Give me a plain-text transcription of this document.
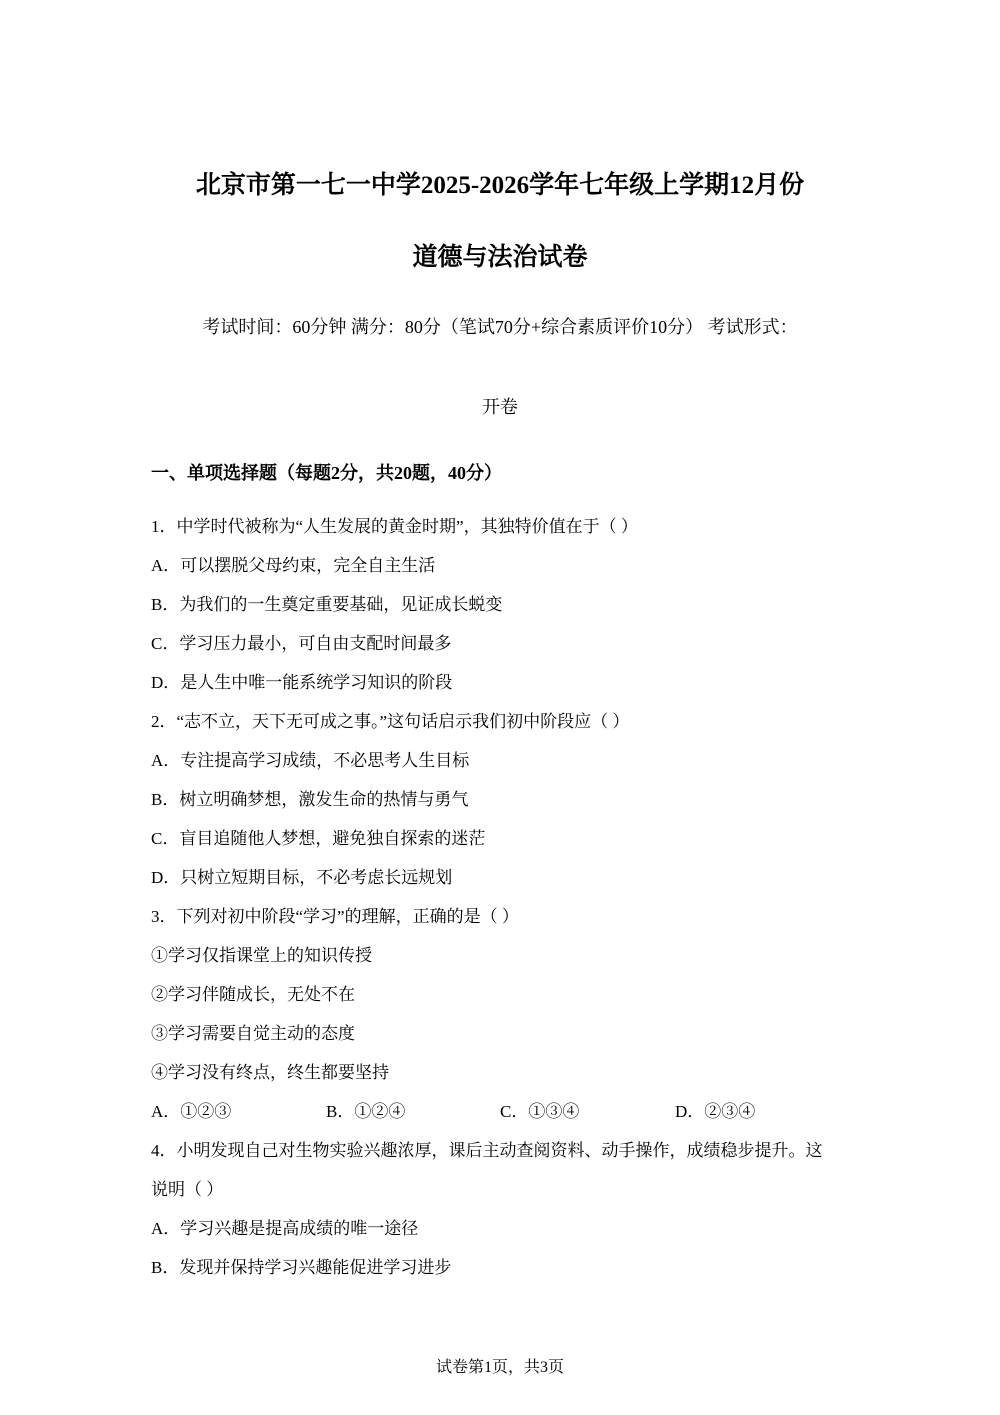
北京市第一七一中学2025-2026学年七年级上学期12月份
道德与法治试卷
考试时间：60分钟 满分：80分（笔试70分+综合素质评价10分） 考试形式：
开卷
一、单项选择题（每题2分，共20题，40分）
1．中学时代被称为“人生发展的黄金时期”，其独特价值在于（ ）
A．可以摆脱父母约束，完全自主生活
B．为我们的一生奠定重要基础，见证成长蜕变
C．学习压力最小，可自由支配时间最多
D．是人生中唯一能系统学习知识的阶段
2．“志不立，天下无可成之事。”这句话启示我们初中阶段应（ ）
A．专注提高学习成绩，不必思考人生目标
B．树立明确梦想，激发生命的热情与勇气
C．盲目追随他人梦想，避免独自探索的迷茫
D．只树立短期目标，不必考虑长远规划
3．下列对初中阶段“学习”的理解，正确的是（ ）
①学习仅指课堂上的知识传授
②学习伴随成长，无处不在
③学习需要自觉主动的态度
④学习没有终点，终生都要坚持
A．①②③	B．①②④	C．①③④	D．②③④
4．小明发现自己对生物实验兴趣浓厚，课后主动查阅资料、动手操作，成绩稳步提升。这
说明（ ）
A．学习兴趣是提高成绩的唯一途径
B．发现并保持学习兴趣能促进学习进步
试卷第1页，共3页
